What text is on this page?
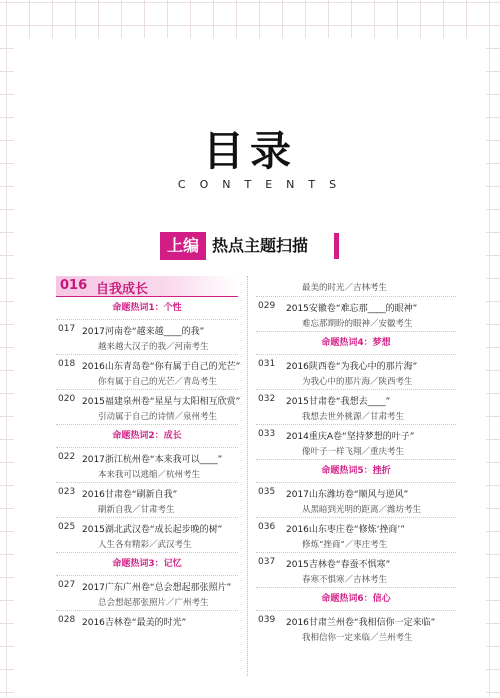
目录
CONTENTS
上编 热点主题扫描
016 自我成长
命题热词1：个性
017 2017河南卷“越来越____的我”
越来越大汉子的我／河南考生
018 2016山东青岛卷“你有属于自己的光芒”
你有属于自己的光芒／青岛考生
020 2015福建泉州卷“星星与太阳相互欣赏”
引动属于自己的诗情／泉州考生
命题热词2：成长
022 2017浙江杭州卷“本来我可以____”
本来我可以逃缩／杭州考生
023 2016甘肃卷“刷新自我”
刷新自我／甘肃考生
025 2015湖北武汉卷“成长起步晚的树”
人生各有精彩／武汉考生
命题热词3：记忆
027 2017广东广州卷“总会想起那张照片”
总会想起那张照片／广州考生
028 2016吉林卷“最美的时光”
最美的时光／吉林考生
029 2015安徽卷“难忘那____的眼神”
难忘那期盼的眼神／安徽考生
命题热词4：梦想
031 2016陕西卷“为我心中的那片海”
为我心中的那片海／陕西考生
032 2015甘肃卷“我想去____”
我想去世外桃源／甘肃考生
033 2014重庆A卷“坚持梦想的叶子”
像叶子一样飞翔／重庆考生
命题热词5：挫折
035 2017山东潍坊卷“顺风与逆风”
从黑暗到光明的距离／潍坊考生
036 2016山东枣庄卷“修炼‘挫商’”
修炼“挫商”／枣庄考生
037 2015吉林卷“春蚕不惧寒”
春寒不惧寒／吉林考生
命题热词6：信心
039 2016甘肃兰州卷“我相信你一定来临”
我相信你一定来临／兰州考生
